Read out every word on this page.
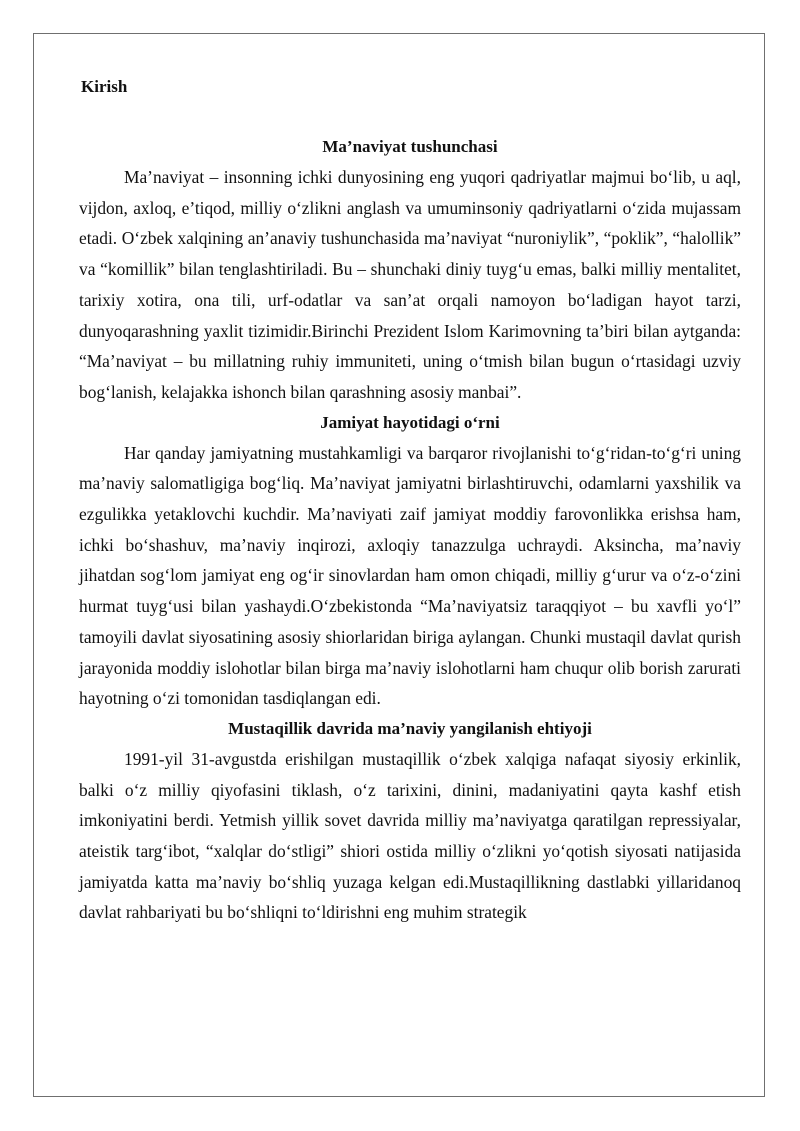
Kirish
Ma’naviyat tushunchasi

Ma’naviyat – insonning ichki dunyosining eng yuqori qadriyatlar majmui bo‘lib, u aql, vijdon, axloq, e’tiqod, milliy o‘zlikni anglash va umuminsoniy qadriyatlarni o‘zida mujassam etadi. O‘zbek xalqining an’anaviy tushunchasida ma’naviyat “nuroniylik”, “poklik”, “halollik” va “komillik” bilan tenglashtiriladi. Bu – shunchaki diniy tuyg‘u emas, balki milliy mentalitet, tarixiy xotira, ona tili, urf-odatlar va san’at orqali namoyon bo‘ladigan hayot tarzi, dunyoqarashning yaxlit tizimidir.Birinchi Prezident Islom Karimovning ta’biri bilan aytganda: “Ma’naviyat – bu millatning ruhiy immuniteti, uning o‘tmish bilan bugun o‘rtasidagi uzviy bog‘lanish, kelajakka ishonch bilan qarashning asosiy manbai”.

Jamiyat hayotidagi o‘rni

Har qanday jamiyatning mustahkamligi va barqaror rivojlanishi to‘g‘ridan-to‘g‘ri uning ma’naviy salomatligiga bog‘liq. Ma’naviyat jamiyatni birlashtiruvchi, odamlarni yaxshilik va ezgulikka yetaklovchi kuchdir. Ma’naviyati zaif jamiyat moddiy farovonlikka erishsa ham, ichki bo‘shashuv, ma’naviy inqirozi, axloqiy tanazzulga uchraydi. Aksincha, ma’naviy jihatdan sog‘lom jamiyat eng og‘ir sinovlardan ham omon chiqadi, milliy g‘urur va o‘z-o‘zini hurmat tuyg‘usi bilan yashaydi.O‘zbekistonda “Ma’naviyatsiz taraqqiyot – bu xavfli yo‘l” tamoyili davlat siyosatining asosiy shiorlaridan biriga aylangan. Chunki mustaqil davlat qurish jarayonida moddiy islohotlar bilan birga ma’naviy islohotlarni ham chuqur olib borish zarurati hayotning o‘zi tomonidan tasdiqlangan edi.

Mustaqillik davrida ma’naviy yangilanish ehtiyoji

1991-yil 31-avgustda erishilgan mustaqillik o‘zbek xalqiga nafaqat siyosiy erkinlik, balki o‘z milliy qiyofasini tiklash, o‘z tarixini, dinini, madaniyatini qayta kashf etish imkoniyatini berdi. Yetmish yillik sovet davrida milliy ma’naviyatga qaratilgan repressiyalar, ateistik targ‘ibot, “xalqlar do‘stligi” shiori ostida milliy o‘zlikni yo‘qotish siyosati natijasida jamiyatda katta ma’naviy bo‘shliq yuzaga kelgan edi.Mustaqillikning dastlabki yillaridanoq davlat rahbariyati bu bo‘shliqni to‘ldirishni eng muhim strategik
